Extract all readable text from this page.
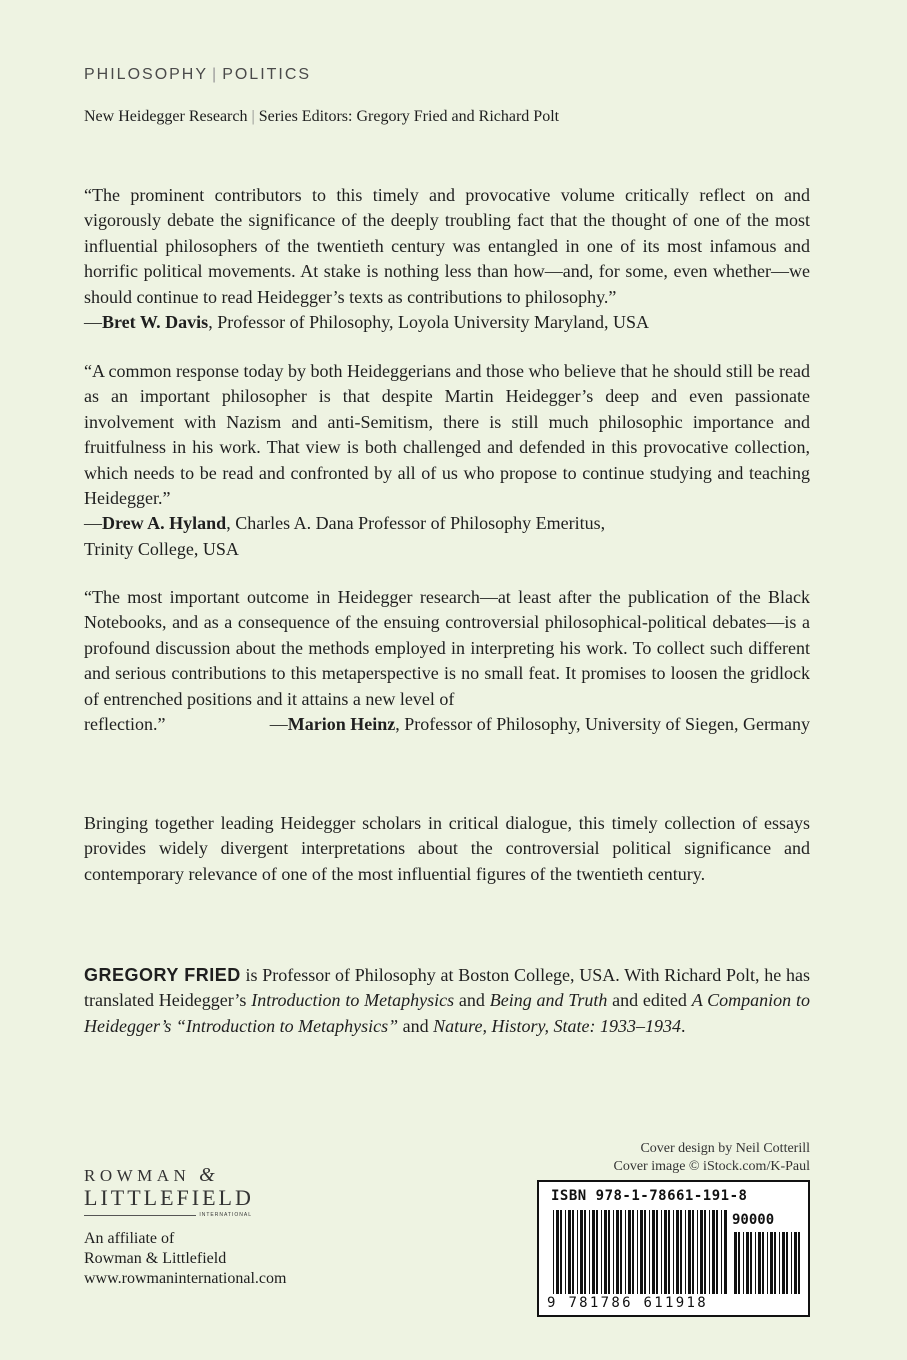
PHILOSOPHY | POLITICS
New Heidegger Research | Series Editors: Gregory Fried and Richard Polt

“The prominent contributors to this timely and provocative volume critically reflect on and vigorously debate the significance of the deeply troubling fact that the thought of one of the most influential philosophers of the twentieth century was entangled in one of its most infamous and horrific political movements. At stake is nothing less than how—and, for some, even whether—we should continue to read Heidegger’s texts as contributions to philosophy.”

—Bret W. Davis, Professor of Philosophy, Loyola University Maryland, USA

“A common response today by both Heideggerians and those who believe that he should still be read as an important philosopher is that despite Martin Heidegger’s deep and even passionate involvement with Nazism and anti-Semitism, there is still much philosophic importance and fruitfulness in his work. That view is both challenged and defended in this provocative collection, which needs to be read and confronted by all of us who propose to continue studying and teaching Heidegger.”

—Drew A. Hyland, Charles A. Dana Professor of Philosophy Emeritus,

Trinity College, USA

“The most important outcome in Heidegger research—at least after the publication of the Black Notebooks, and as a consequence of the ensuing controversial philosophical-political debates—is a profound discussion about the methods employed in interpreting his work. To collect such different and serious contributions to this metaperspective is no small feat. It promises to loosen the gridlock of entrenched positions and it attains a new level of

reflection.”	—Marion Heinz, Professor of Philosophy, University of Siegen, Germany
Bringing together leading Heidegger scholars in critical dialogue, this timely collection of essays provides widely divergent interpretations about the controversial political significance and contemporary relevance of one of the most influential figures of the twentieth century.
GREGORY FRIED is Professor of Philosophy at Boston College, USA. With Richard Polt, he has translated Heidegger’s Introduction to Metaphysics and Being and Truth and edited A Companion to Heidegger’s “Introduction to Metaphysics” and Nature, History, State: 1933–1934.
Cover design by Neil Cotterill
Cover image © iStock.com/K-Paul
ROWMAN &
LITTLEFIELD
INTERNATIONAL
An affiliate of
Rowman & Littlefield
www.rowmaninternational.com
ISBN 978-1-78661-191-8
90000
9 781786 611918
